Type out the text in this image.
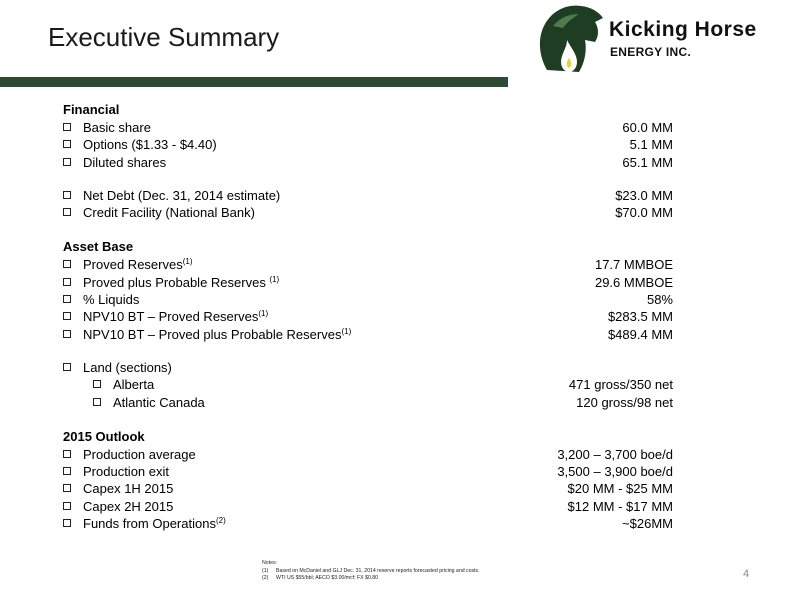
Executive Summary	Kicking Horse
ENERGY INC.
Financial
Basic share	60.0 MM
Options ($1.33 - $4.40)	5.1 MM
Diluted shares	65.1 MM
Net Debt (Dec. 31, 2014 estimate)	$23.0 MM
Credit Facility (National Bank)	$70.0 MM
Asset Base
Proved Reserves$^{(1)}$	17.7 MMBOE
Proved plus Probable Reserves $^{(1)}$	29.6 MMBOE
% Liquids	58%
NPV10 BT – Proved Reserves$^{(1)}$	$283.5 MM
NPV10 BT – Proved plus Probable Reserves$^{(1)}$	$489.4 MM
Land (sections)
Alberta	471 gross/350 net
Atlantic Canada	120 gross/98 net
2015 Outlook
Production average	3,200 – 3,700 boe/d
Production exit	3,500 – 3,900 boe/d
Capex 1H 2015	$20 MM - $25 MM
Capex 2H 2015	$12 MM - $17 MM
Funds from Operations$^{(2)}$	~$26MM
Notes:
(1) Based on McDaniel and GLJ Dec. 31, 2014 reserve reports forecasted pricing and costs.
(2) WTI US $55/bbl; AECO $3.00/mcf; FX $0.80	4
